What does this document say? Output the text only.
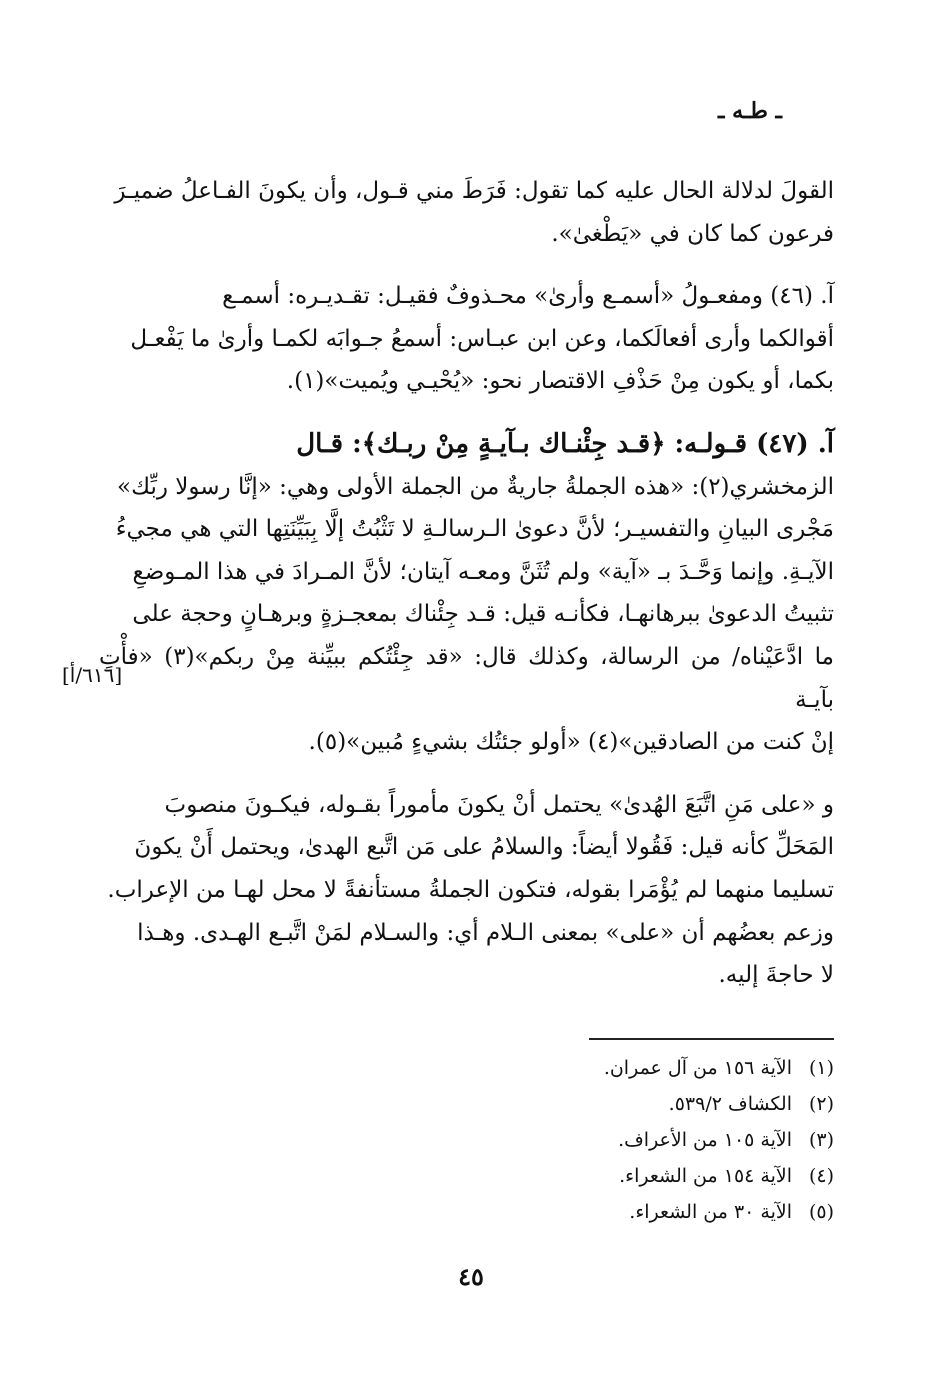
ـ طـه ـ
القولَ لدلالة الحال عليه كما تقول: فَرَطَ مني قـول، وأن يكونَ الفـاعلُ ضميـرَ
فرعون كما كان في «يَطْغىٰ».
آ. (٤٦) ومفعـولُ «أسمـع وأرىٰ» محـذوفٌ فقيـل: تقـديـره: أسمـع
أقوالكما وأرى أفعالَكما، وعن ابن عبـاس: أسمعُ جـوابَه لكمـا وأرىٰ ما يَفْعـل
بكما، أو يكون مِنْ حَذْفِ الاقتصار نحو: «يُحْيـي ويُميت»(١).
آ. (٤٧) قـولـه: ﴿قـد جِئْنـاك بـآيـةٍ مِنْ ربـك﴾: قـال
الزمخشري(٢): «هذه الجملةُ جاريةٌ من الجملة الأولى وهي: «إنَّا رسولا ربِّك»
مَجْرى البيانِ والتفسيـر؛ لأنَّ دعوىٰ الـرسالـةِ لا تَثْبُتُ إلَّا بِبَيِّنَتِها التي هي مجيءُ
الآيـةِ. وإنما وَحَّـدَ بـ «آية» ولم تُثَنَّ ومعـه آيتان؛ لأنَّ المـرادَ في هذا المـوضعِ
تثبيتُ الدعوىٰ ببرهانهـا، فكأنـه قيل: قـد جِئْناك بمعجـزةٍ وبرهـانٍ وحجة على
ما ادَّعَيْناه/ من الرسالة، وكذلك قال: «قد جِئْتُكم ببيِّنة مِنْ ربكم»(٣) «فأْتِ بآيـة
إنْ كنت من الصادقين»(٤) «أولو جئتُك بشيءٍ مُبين»(٥).
و «على مَنِ اتَّبَعَ الهُدىٰ» يحتمل أنْ يكونَ مأموراً بقـوله، فيكـونَ منصوبَ
المَحَلِّ كأنه قيل: فَقُولا أيضاً: والسلامُ على مَن اتَّبع الهدىٰ، ويحتمل أَنْ يكونَ
تسليما منهما لم يُؤْمَرا بقوله، فتكون الجملةُ مستأنفةً لا محل لهـا من الإعراب.
وزعم بعضُهم أن «على» بمعنى الـلام أي: والسـلام لمَنْ اتَّبـع الهـدى. وهـذا
لا حاجةَ إليه.
[٦١٦/أ]
(١)الآية ١٥٦ من آل عمران.
(٢)الكشاف ٥٣٩/٢.
(٣)الآية ١٠٥ من الأعراف.
(٤)الآية ١٥٤ من الشعراء.
(٥)الآية ٣٠ من الشعراء.
٤٥
